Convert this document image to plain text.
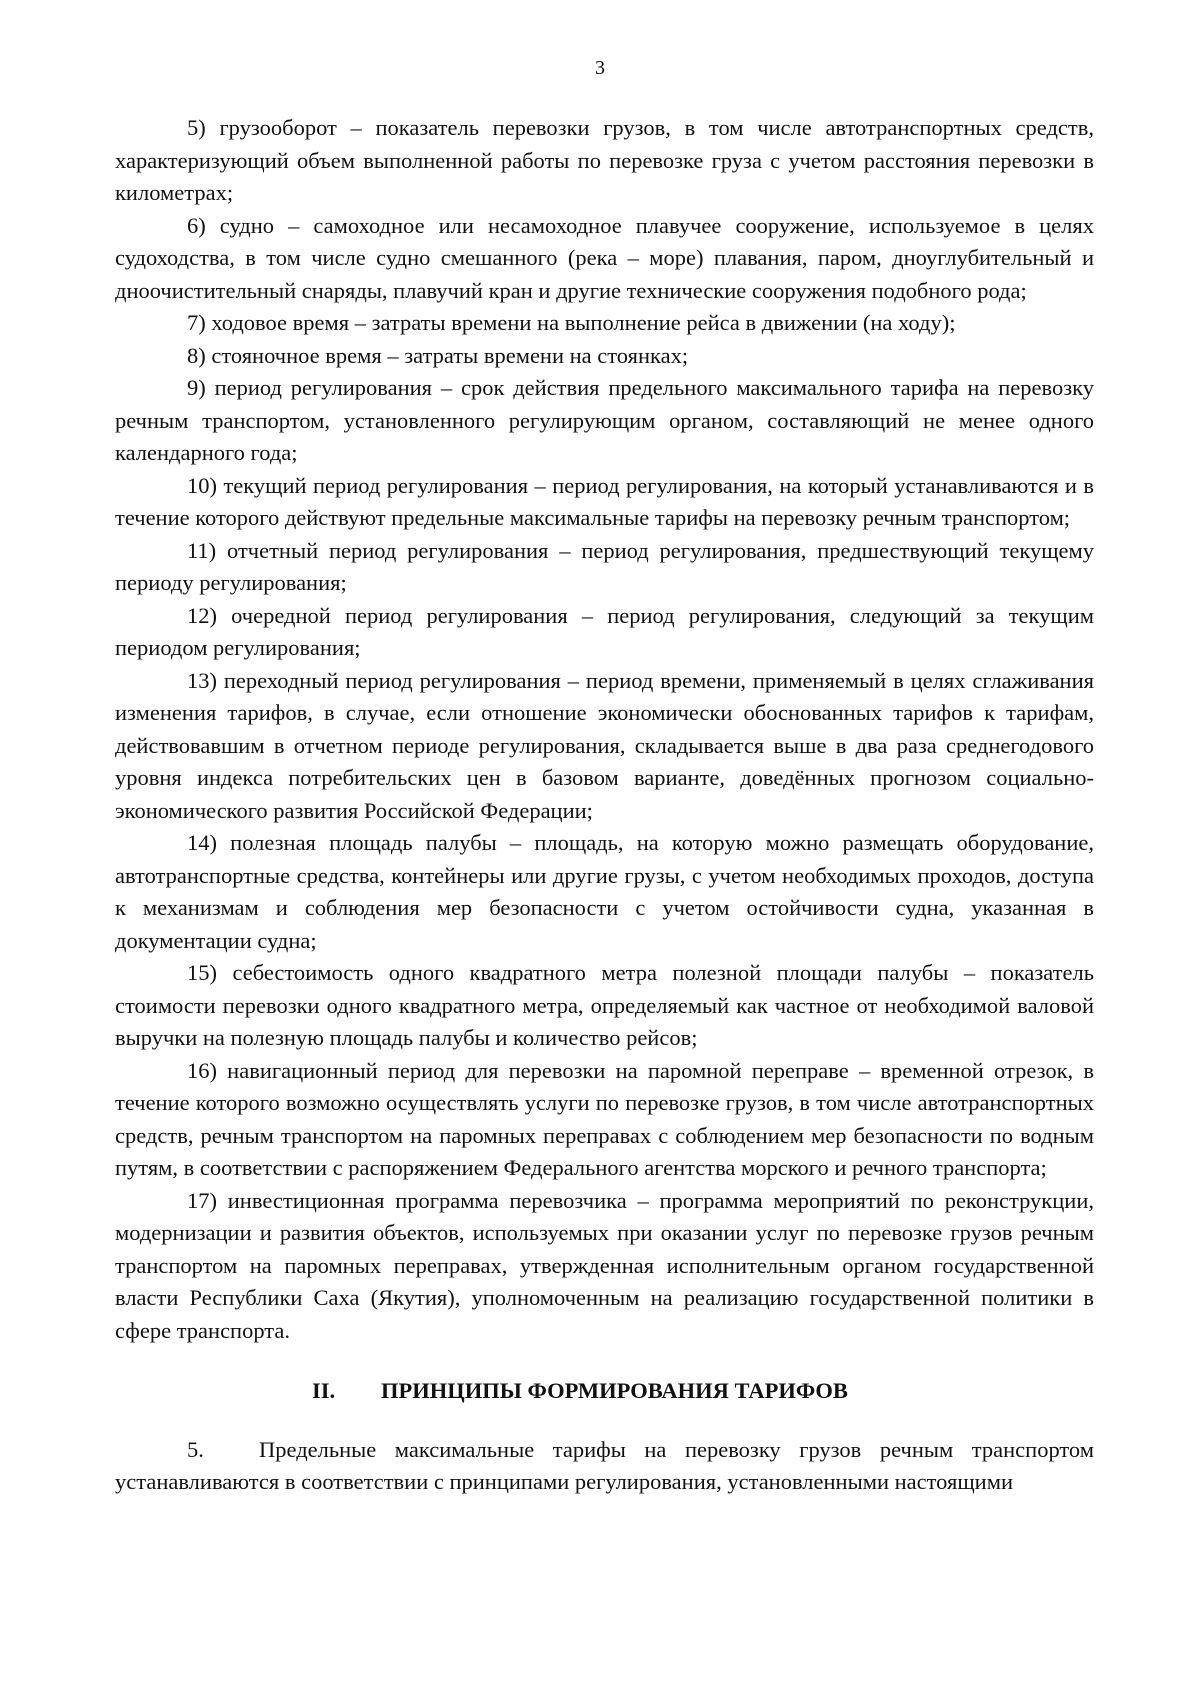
3

5) грузооборот – показатель перевозки грузов, в том числе автотранспортных средств, характеризующий объем выполненной работы по перевозке груза с учетом расстояния перевозки в километрах;

6) судно – самоходное или несамоходное плавучее сооружение, используемое в целях судоходства, в том числе судно смешанного (река – море) плавания, паром, дноуглубительный и дноочистительный снаряды, плавучий кран и другие технические сооружения подобного рода;

7) ходовое время – затраты времени на выполнение рейса в движении (на ходу);

8) стояночное время – затраты времени на стоянках;

9) период регулирования – срок действия предельного максимального тарифа на перевозку речным транспортом, установленного регулирующим органом, составляющий не менее одного календарного года;

10) текущий период регулирования – период регулирования, на который устанавливаются и в течение которого действуют предельные максимальные тарифы на перевозку речным транспортом;

11) отчетный период регулирования – период регулирования, предшествующий текущему периоду регулирования;

12) очередной период регулирования – период регулирования, следующий за текущим периодом регулирования;

13) переходный период регулирования – период времени, применяемый в целях сглаживания изменения тарифов, в случае, если отношение экономически обоснованных тарифов к тарифам, действовавшим в отчетном периоде регулирования, складывается выше в два раза среднегодового уровня индекса потребительских цен в базовом варианте, доведённых прогнозом социально-экономического развития Российской Федерации;

14) полезная площадь палубы – площадь, на которую можно размещать оборудование, автотранспортные средства, контейнеры или другие грузы, с учетом необходимых проходов, доступа к механизмам и соблюдения мер безопасности с учетом остойчивости судна, указанная в документации судна;

15) себестоимость одного квадратного метра полезной площади палубы – показатель стоимости перевозки одного квадратного метра, определяемый как частное от необходимой валовой выручки на полезную площадь палубы и количество рейсов;

16) навигационный период для перевозки на паромной переправе – временной отрезок, в течение которого возможно осуществлять услуги по перевозке грузов, в том числе автотранспортных средств, речным транспортом на паромных переправах с соблюдением мер безопасности по водным путям, в соответствии с распоряжением Федерального агентства морского и речного транспорта;

17) инвестиционная программа перевозчика – программа мероприятий по реконструкции, модернизации и развития объектов, используемых при оказании услуг по перевозке грузов речным транспортом на паромных переправах, утвержденная исполнительным органом государственной власти Республики Саха (Якутия), уполномоченным на реализацию государственной политики в сфере транспорта.

II. ПРИНЦИПЫ ФОРМИРОВАНИЯ ТАРИФОВ

5. Предельные максимальные тарифы на перевозку грузов речным транспортом устанавливаются в соответствии с принципами регулирования, установленными настоящими
